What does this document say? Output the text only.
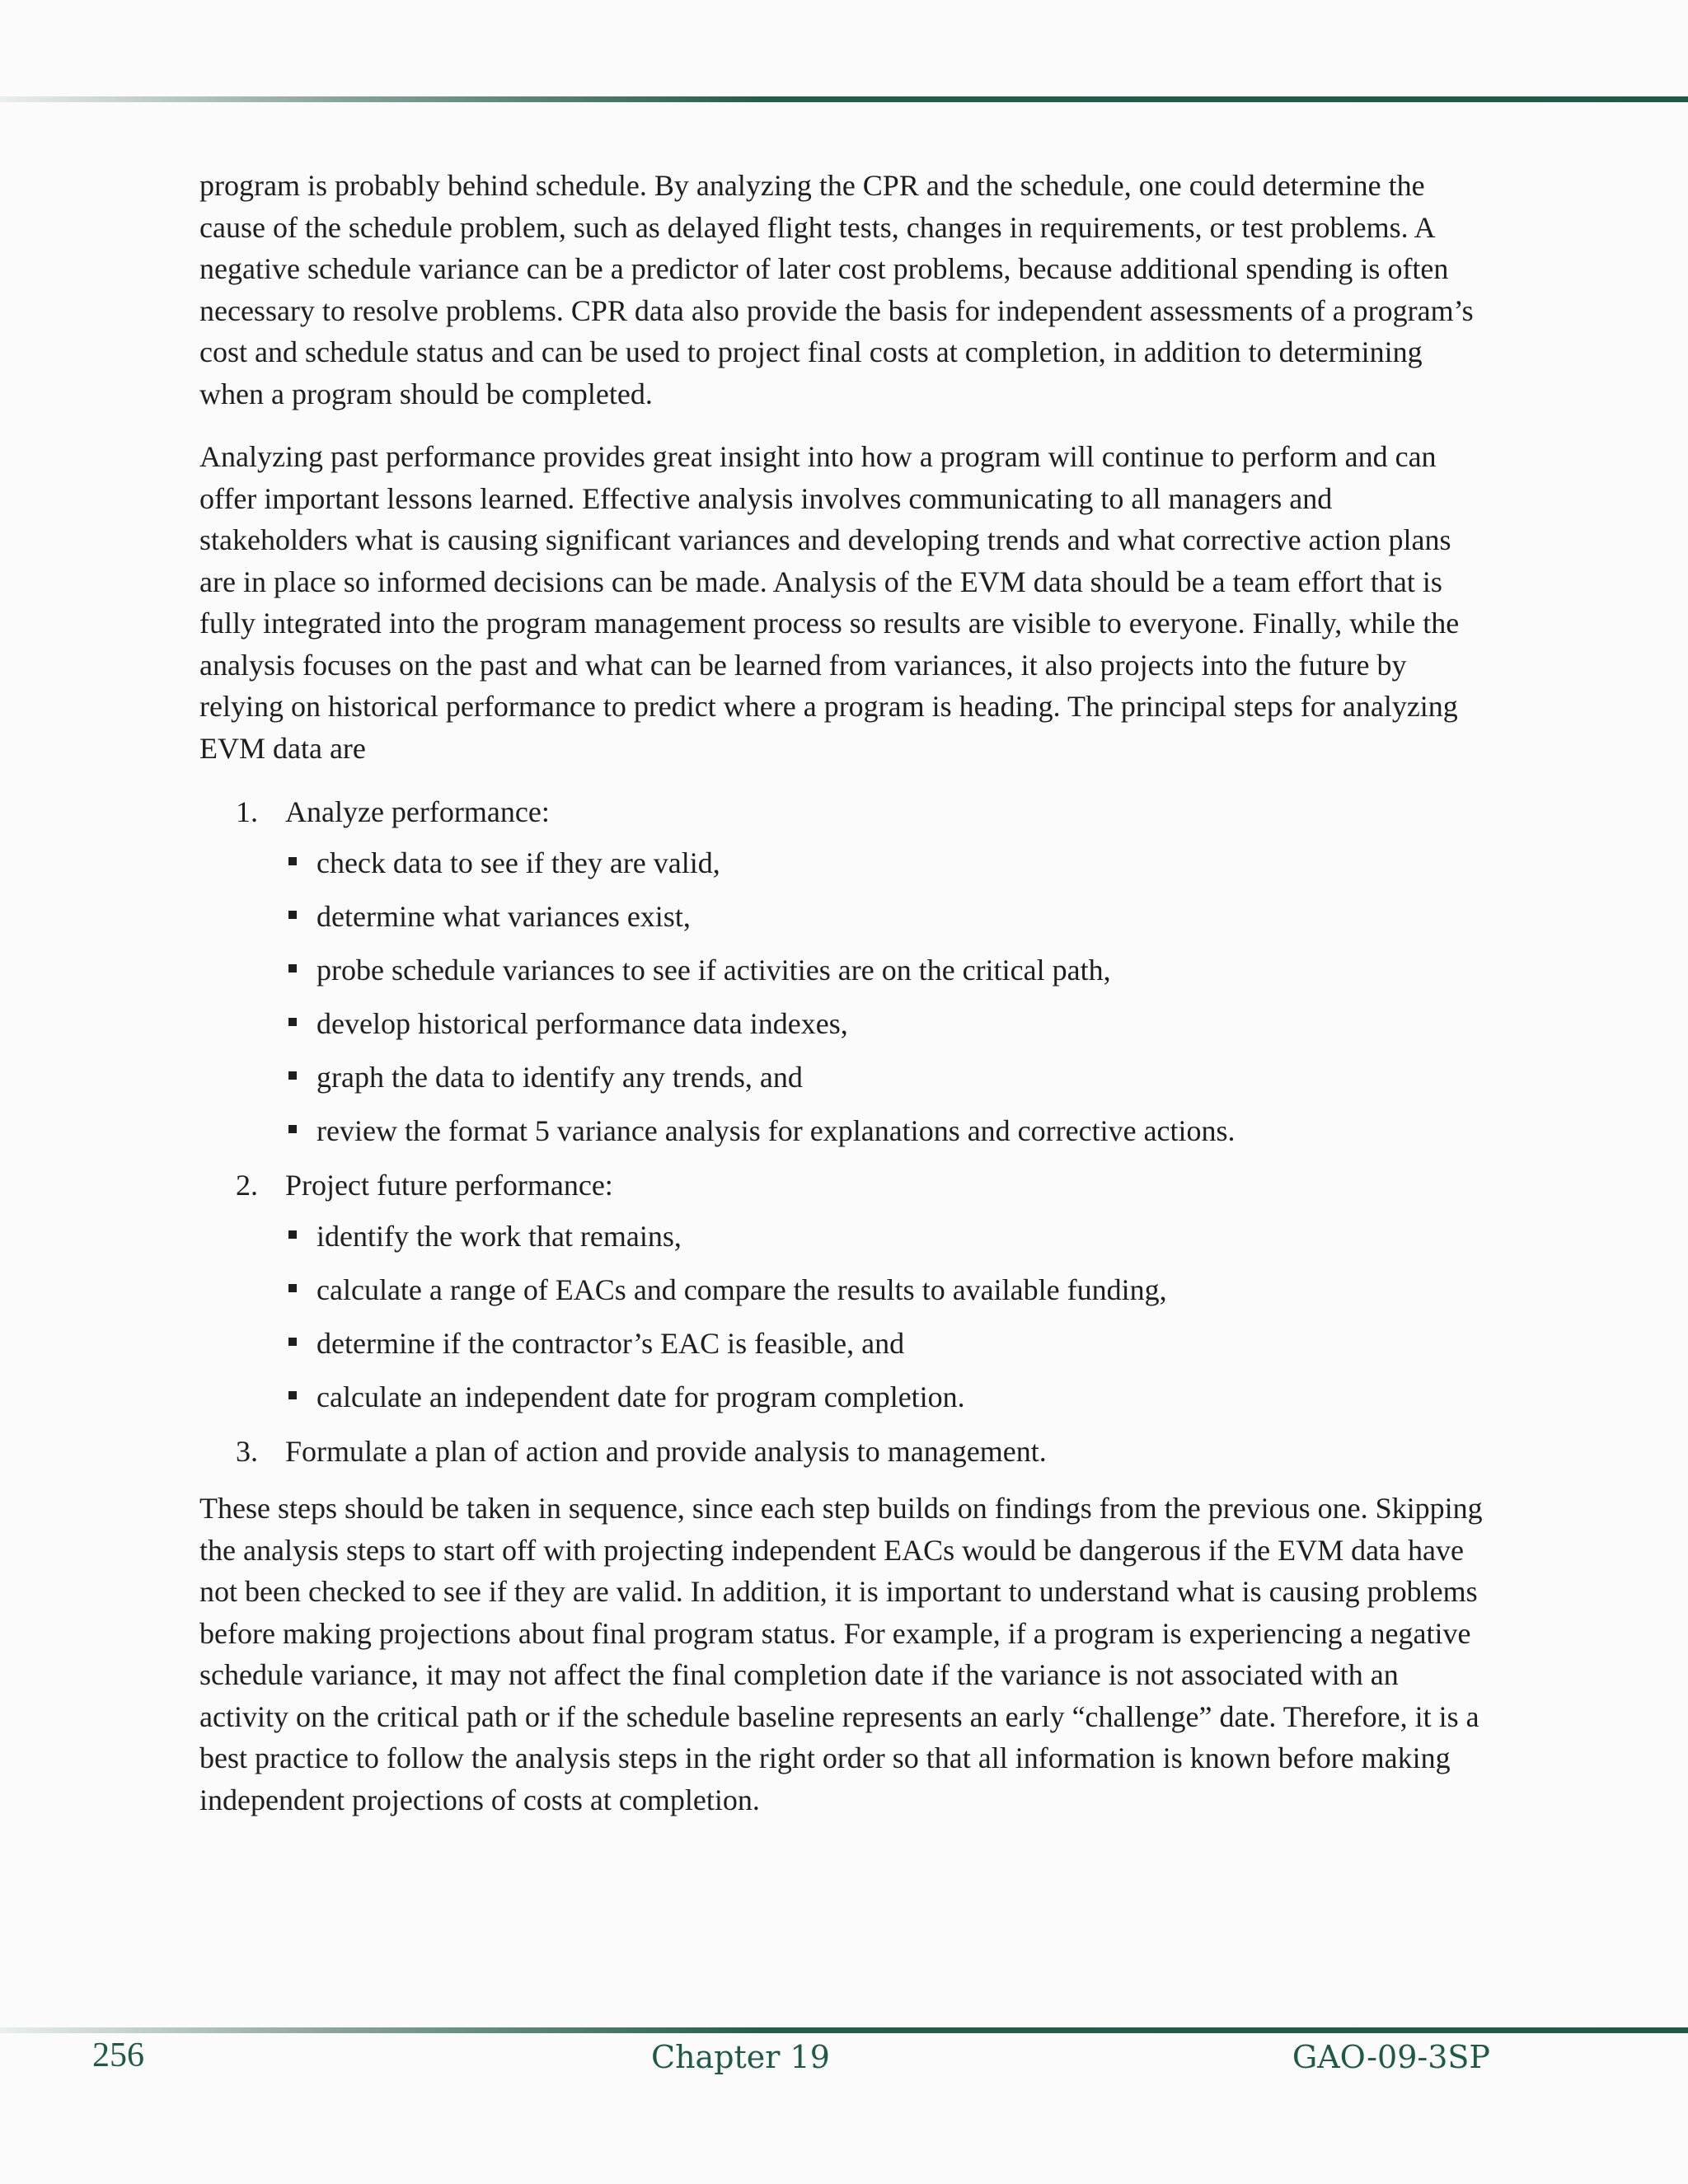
program is probably behind schedule. By analyzing the CPR and the schedule, one could determine the cause of the schedule problem, such as delayed flight tests, changes in requirements, or test problems. A negative schedule variance can be a predictor of later cost problems, because additional spending is often necessary to resolve problems. CPR data also provide the basis for independent assessments of a program’s cost and schedule status and can be used to project final costs at completion, in addition to determining when a program should be completed.

Analyzing past performance provides great insight into how a program will continue to perform and can offer important lessons learned. Effective analysis involves communicating to all managers and stakeholders what is causing significant variances and developing trends and what corrective action plans are in place so informed decisions can be made. Analysis of the EVM data should be a team effort that is fully integrated into the program management process so results are visible to everyone. Finally, while the analysis focuses on the past and what can be learned from variances, it also projects into the future by relying on historical performance to predict where a program is heading. The principal steps for analyzing EVM data are

1. Analyze performance:
check data to see if they are valid,
determine what variances exist,
probe schedule variances to see if activities are on the critical path,
develop historical performance data indexes,
graph the data to identify any trends, and
review the format 5 variance analysis for explanations and corrective actions.
2. Project future performance:
identify the work that remains,
calculate a range of EACs and compare the results to available funding,
determine if the contractor’s EAC is feasible, and
calculate an independent date for program completion.
3. Formulate a plan of action and provide analysis to management.

These steps should be taken in sequence, since each step builds on findings from the previous one. Skipping the analysis steps to start off with projecting independent EACs would be dangerous if the EVM data have not been checked to see if they are valid. In addition, it is important to understand what is causing problems before making projections about final program status. For example, if a program is experiencing a negative schedule variance, it may not affect the final completion date if the variance is not associated with an activity on the critical path or if the schedule baseline represents an early “challenge” date. Therefore, it is a best practice to follow the analysis steps in the right order so that all information is known before making independent projections of costs at completion.

256	Chapter 19	GAO-09-3SP
